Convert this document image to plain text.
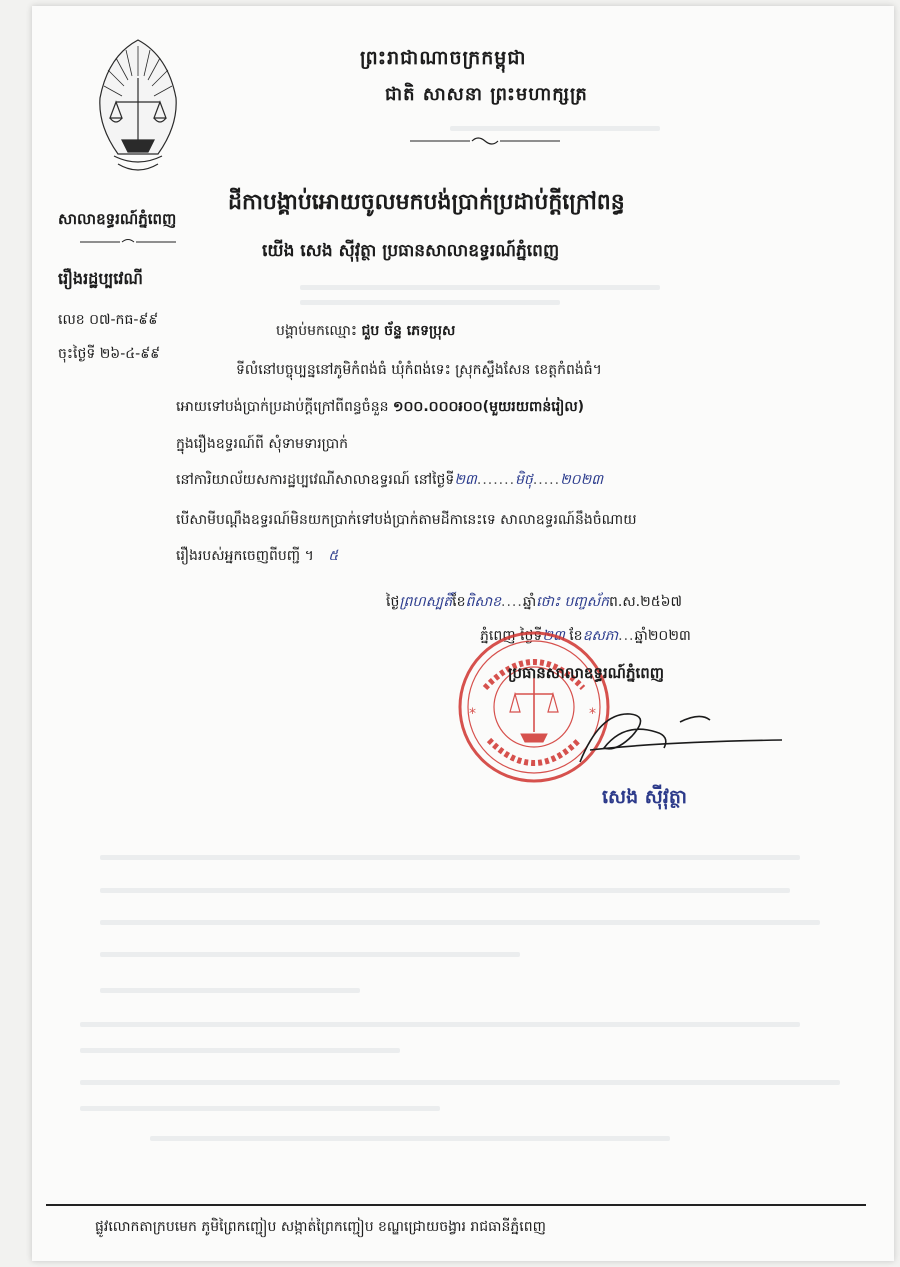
ព្រះរាជាណាចក្រកម្ពុជា
ជាតិ សាសនា ព្រះមហាក្សត្រ
សាលាឧទ្ធរណ៍ភ្នំពេញ
ដីកាបង្គាប់អោយចូលមកបង់ប្រាក់ប្រដាប់ក្ដីក្រៅពន្ធ
យើង សេង ស៊ីវុត្ថា ប្រធានសាលាឧទ្ធរណ៍ភ្នំពេញ
រឿងរដ្ឋប្បវេណី
លេខ ០៧-កធ-៩៩
ចុះថ្ងៃទី ២៦-៤-៩៩
បង្គាប់មកឈ្មោះ ជួប ច័ន្ទ ភេទប្រុស
ទីលំនៅបច្ចុប្បន្ននៅភូមិកំពង់ធំ ឃុំកំពង់ទេះ ស្រុកស្ទឹងសែន ខេត្តកំពង់ធំ។
អោយទៅបង់ប្រាក់ប្រដាប់ក្ដីក្រៅពីពន្ធចំនួន ១០០.០០០៛០០(មួយរយពាន់រៀល)
ក្នុងរឿងឧទ្ធរណ៍ពី សុំទាមទារប្រាក់
នៅការិយាល័យសការដ្ឋប្បវេណីសាលាឧទ្ធរណ៍ នៅថ្ងៃទី២៣.......មិថុ.....២០២៣
បើសាមីបណ្ដឹងឧទ្ធរណ៍មិនយកប្រាក់ទៅបង់ប្រាក់តាមដីកានេះទេ សាលាឧទ្ធរណ៍នឹងចំណាយ
រឿងរបស់អ្នកចេញពីបញ្ជី ។ ៥
ថ្ងៃព្រហស្បតិ៍ខែពិសាខ....ឆ្នាំថោះ បញ្ចស័កព.ស.២៥៦៧
ភ្នំពេញ ថ្ងៃទី២៣ ខែឧសភា...ឆ្នាំ២០២៣
*	*
ប្រធានសាលាឧទ្ធរណ៍ភ្នំពេញ
សេង ស៊ីវុត្ថា
ផ្លូវលោកតាក្របមេក ភូមិព្រៃកញ្ជៀប សង្កាត់ព្រៃកញ្ជៀប ខណ្ឌជ្រោយចង្វារ រាជធានីភ្នំពេញ
